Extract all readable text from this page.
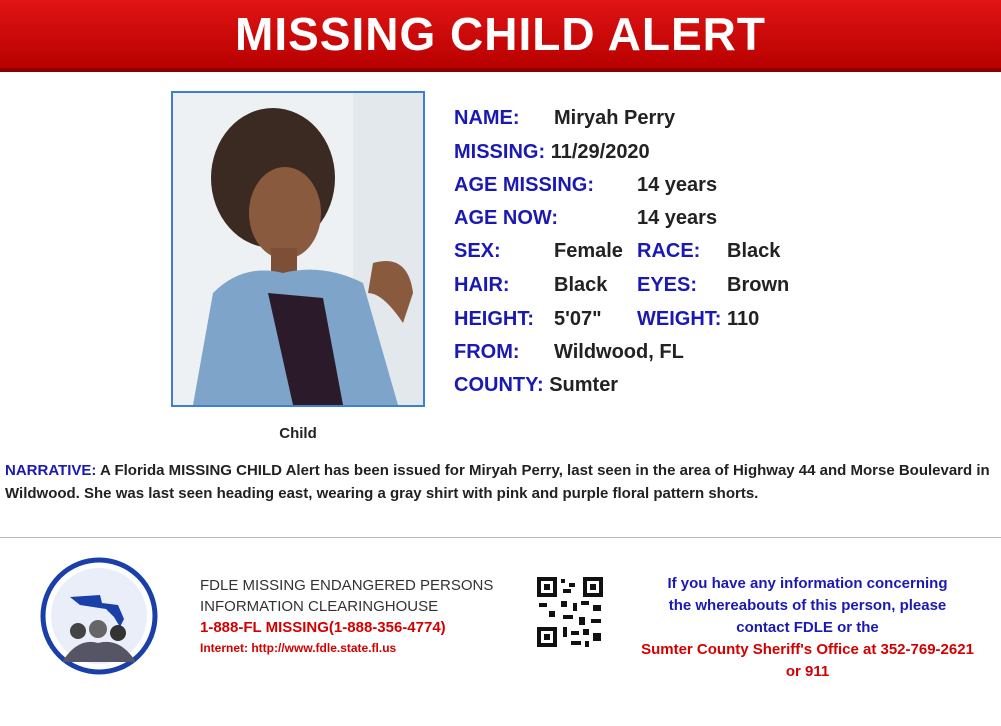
MISSING CHILD ALERT
Child
NAME: Miryah Perry
MISSING: 11/29/2020
AGE MISSING: 14 years
AGE NOW:	14 years
SEX:	Female RACE: Black
HAIR: Black EYES: Brown
HEIGHT: 5'07" WEIGHT: 110
FROM: Wildwood, FL
COUNTY: Sumter
NARRATIVE: A Florida MISSING CHILD Alert has been issued for Miryah Perry, last seen in the area of Highway 44 and Morse Boulevard in Wildwood. She was last seen heading east, wearing a gray shirt with pink and purple floral pattern shorts.
FDLE MISSING ENDANGERED PERSONS
INFORMATION CLEARINGHOUSE
1-888-FL MISSING(1-888-356-4774)
Internet: http://www.fdle.state.fl.us
If you have any information concerning
the whereabouts of this person, please
contact FDLE or the
Sumter County Sheriff's Office at 352-769-2621
or 911
